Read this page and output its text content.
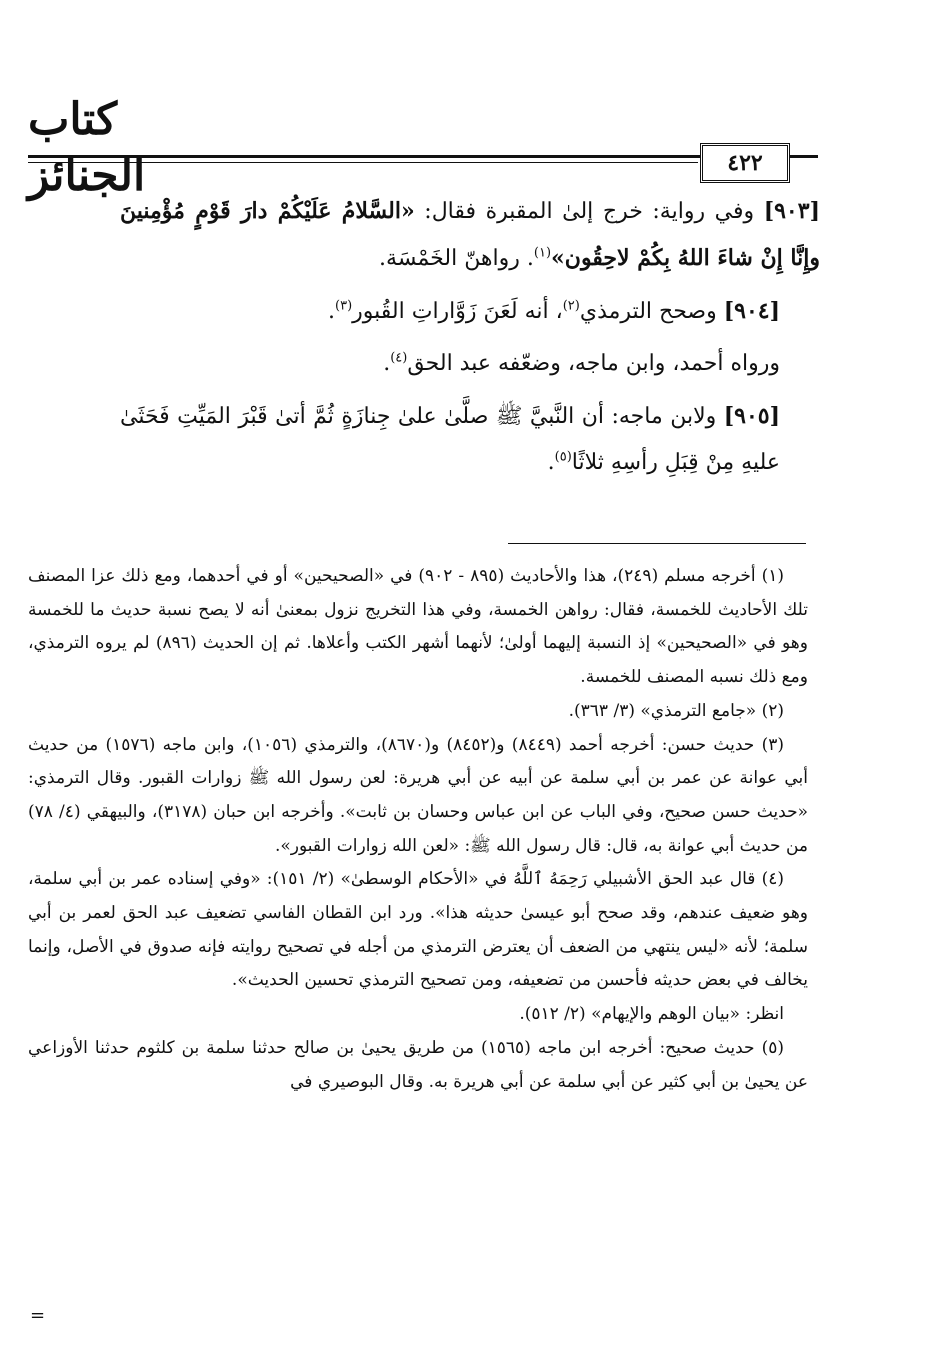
كتاب الجنائز	٤٢٢

[٩٠٣] وفي رواية: خرج إلىٰ المقبرة فقال: «السَّلامُ عَلَيْكُمْ دارَ قَوْمٍ مُؤْمِنينَ وإِنَّا إِنْ شاءَ اللهُ بِكُمْ لاحِقُون»$^{(١)}$. رواهنّ الخَمْسَة.

[٩٠٤] وصحح الترمذي$^{(٢)}$، أنه لَعَنَ زَوَّاراتِ القُبور$^{(٣)}$.

ورواه أحمد، وابن ماجه، وضعّفه عبد الحق$^{(٤)}$.

[٩٠٥] ولابن ماجه: أن النَّبيَّ ﷺ صلَّىٰ علىٰ جِنازَةٍ ثُمَّ أتىٰ قَبْرَ المَيِّتِ فَحَثَىٰ عليهِ مِنْ قِبَلِ رأسِهِ ثلاثًا$^{(٥)}$.

(١) أخرجه مسلم (٢٤٩)، هذا والأحاديث (٨٩٥ - ٩٠٢) في «الصحيحين» أو في أحدهما، ومع ذلك عزا المصنف تلك الأحاديث للخمسة، فقال: رواهن الخمسة، وفي هذا التخريج نزول بمعنىٰ أنه لا يصح نسبة حديث ما للخمسة وهو في «الصحيحين» إذ النسبة إليهما أولىٰ؛ لأنهما أشهر الكتب وأعلاها. ثم إن الحديث (٨٩٦) لم يروه الترمذي، ومع ذلك نسبه المصنف للخمسة.

(٢) «جامع الترمذي» (٣/ ٣٦٣).

(٣) حديث حسن: أخرجه أحمد (٨٤٤٩) و(٨٤٥٢) و(٨٦٧٠)، والترمذي (١٠٥٦)، وابن ماجه (١٥٧٦) من حديث أبي عوانة عن عمر بن أبي سلمة عن أبيه عن أبي هريرة: لعن رسول الله ﷺ زوارات القبور. وقال الترمذي: «حديث حسن صحيح، وفي الباب عن ابن عباس وحسان بن ثابت». وأخرجه ابن حبان (٣١٧٨)، والبيهقي (٤/ ٧٨) من حديث أبي عوانة به، قال: قال رسول الله ﷺ: «لعن الله زوارات القبور».

(٤) قال عبد الحق الأشبيلي رَحِمَهُ ٱللَّهُ في «الأحكام الوسطىٰ» (٢/ ١٥١): «وفي إسناده عمر بن أبي سلمة، وهو ضعيف عندهم، وقد صحح أبو عيسىٰ حديثه هذا». ورد ابن القطان الفاسي تضعيف عبد الحق لعمر بن أبي سلمة؛ لأنه «ليس ينتهي من الضعف أن يعترض الترمذي من أجله في تصحيح روايته فإنه صدوق في الأصل، وإنما يخالف في بعض حديثه فأحسن من تضعيفه، ومن تصحيح الترمذي تحسين الحديث».

انظر: «بيان الوهم والإيهام» (٢/ ٥١٢).

(٥) حديث صحيح: أخرجه ابن ماجه (١٥٦٥) من طريق يحيىٰ بن صالح حدثنا سلمة بن كلثوم حدثنا الأوزاعي عن يحيىٰ بن أبي كثير عن أبي سلمة عن أبي هريرة به. وقال البوصيري في

=
